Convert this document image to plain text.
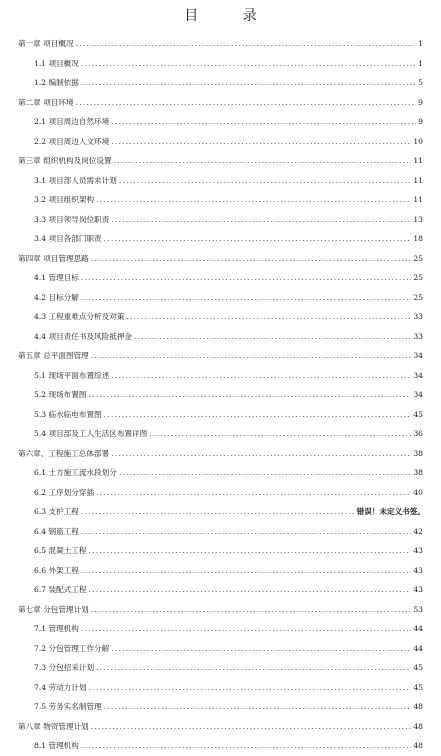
目 录
第一章 项目概况 .....	1
1.1 项目概况 .....	1
1.2 编制依据 .....	5
第二章 项目环境 .....	9
2.1 项目周边自然环境 .....	9
2.2 项目周边人文环境 .....	10
第三章 组织机构及岗位设置 .....	11
3.1 项目部人员需求计划 .....	11
3.2 项目组织架构 .....	11
3.3 项目领导岗位职责 .....	13
3.4 项目各部门职责 .....	18
第四章 项目管理思路 .....	25
4.1 管理目标 .....	25
4.2 目标分解 .....	25
4.3 工程重难点分析及对策 .....	33
4.4 项目责任书及风险抵押金 .....	33
第五章 总平面图管理 .....	34
5.1 现场平面布置综述 .....	34
5.2 现场布置图 .....	34
5.3 临水临电布置图 .....	45
5.4 项目部及工人生活区布置详图 .....	36
第六章、工程施工总体部署 .....	38
6.1 土方施工流水段划分 .....	38
6.2 工序划分穿插 .....	40
6.3 支护工程 .....	错误！未定义书签。
6.4 钢筋工程 .....	42
6.5 混凝土工程 .....	43
6.6 外架工程 .....	43
6.7 装配式工程 .....	43
第七章 分包管理计划 .....	53
7.1 管理机构 .....	44
7.2 分包管理工作分解 .....	44
7.3 分包招采计划 .....	45
7.4 劳动力计划 .....	45
7.5 劳务实名制管理 .....	48
第八章 物资管理计划 .....	48
8.1 管理机构 .....	48
